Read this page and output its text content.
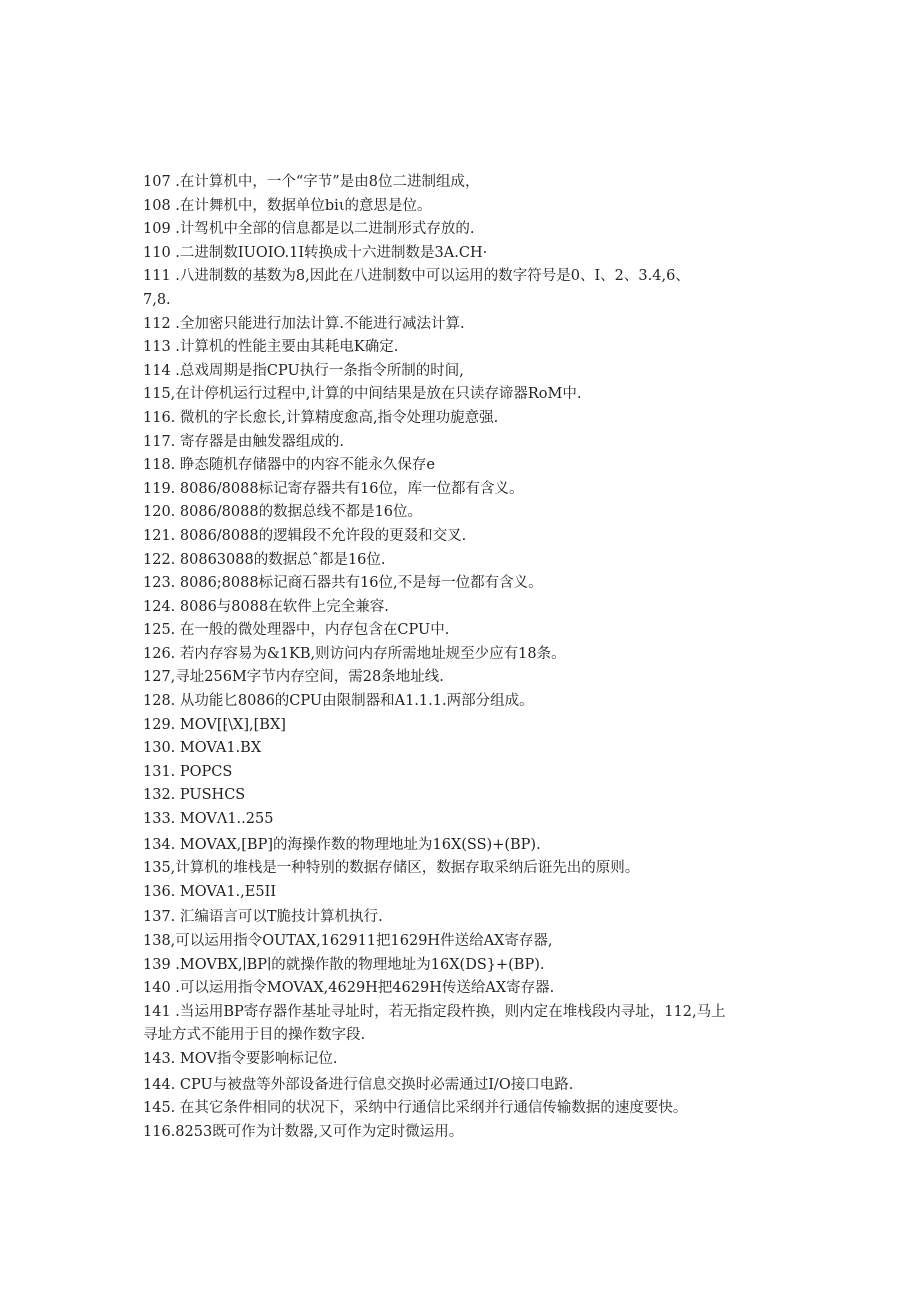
107 .在计算机中，一个“字节”是由8位二进制组成，
108 .在计舞机中，数据单位biι的意思是位。
109 .计驾机中全部的信息都是以二进制形式存放的.
110 .二进制数IUOIO.1I转换成十六进制数是3A.CH·
111 .八进制数的基数为8,因此在八进制数中可以运用的数字符号是0、I、2、3.4,6、
7,8.
112 .全加密只能进行加法计算.不能进行减法计算.
113 .计算机的性能主要由其耗电K确定.
114 .总戏周期是指CPU执行一条指令所制的时间,
115,在计停机运行过程中,计算的中间结果是放在只读存谛器RoM中.
116. 微机的字长愈长,计算精度愈高,指令处理功旎意强.
117. 寄存器是由触发器组成的.
118. 睁态随机存储器中的内容不能永久保存e
119. 8086/8088标记寄存器共有16位，库一位都有含义。
120. 8086/8088的数据总线不都是16位。
121. 8086/8088的逻辑段不允许段的更叕和交叉.
122. 80863088的数据总ˆ都是16位.
123. 8086;8088标记商石器共有16位,不是每一位都有含义。
124. 8086与8088在软件上完全兼容.
125. 在一般的微处理器中，内存包含在CPU中.
126. 若内存容易为&1KB,则访问内存所需地址规至少应有18条。
127,寻址256M字节内存空间，需28条地址线.
128. 从功能匕8086的CPU由限制器和A1.1.1.两部分组成。
129. MOV[⁅\X],[BX]
130. MOVA1.BX
131. POPCS
132. PUSHCS
133. MOVΛ1..255
134. MOVAX,[BP]的海操作数的物理地址为16X(SS)+(BP).
135,计算机的堆栈是一种特别的数据存储区，数据存取采纳后诳先出的原则。
136. MOVA1.,E5II
137. 汇编语言可以T脆技计算机执行.
138,可以运用指令OUTAX,162911把1629H件送给AX寄存器,
139 .MOVBX,∣BP∣的就操作散的物理地址为16X(DS}+(BP).
140 .可以运用指令MOVAX,4629H把4629H传送给AX寄存器.
141 .当运用BP寄存器作基址寻址时，若无指定段杵换，则内定在堆栈段内寻址，112,马上
寻址方式不能用于目的操作数字段.
143. MOV指令要影响标记位.
144. CPU与被盘等外部设备进行信息交换时必需通过I/O接口电路.
145. 在其它条件相同的状况下，采纳中行通信比采纲并行通信传输数据的速度要快。
116.8253既可作为计数器,又可作为定时微运用。
